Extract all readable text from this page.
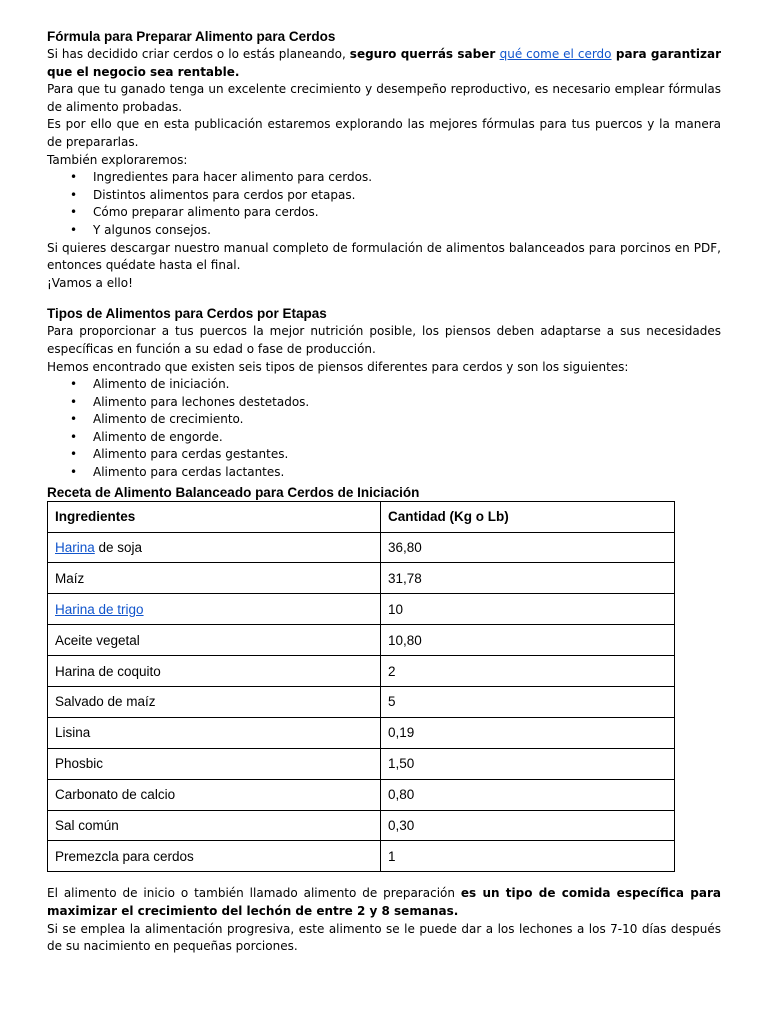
Fórmula para Preparar Alimento para Cerdos

Si has decidido criar cerdos o lo estás planeando, seguro querrás saber qué come el cerdo para garantizar que el negocio sea rentable.

Para que tu ganado tenga un excelente crecimiento y desempeño reproductivo, es necesario emplear fórmulas de alimento probadas.

Es por ello que en esta publicación estaremos explorando las mejores fórmulas para tus puercos y la manera de prepararlas.

También exploraremos:

• Ingredientes para hacer alimento para cerdos.
• Distintos alimentos para cerdos por etapas.
• Cómo preparar alimento para cerdos.
• Y algunos consejos.

Si quieres descargar nuestro manual completo de formulación de alimentos balanceados para porcinos en PDF, entonces quédate hasta el final.

¡Vamos a ello!

Tipos de Alimentos para Cerdos por Etapas

Para proporcionar a tus puercos la mejor nutrición posible, los piensos deben adaptarse a sus necesidades específicas en función a su edad o fase de producción.

Hemos encontrado que existen seis tipos de piensos diferentes para cerdos y son los siguientes:

• Alimento de iniciación.
• Alimento para lechones destetados.
• Alimento de crecimiento.
• Alimento de engorde.
• Alimento para cerdas gestantes.
• Alimento para cerdas lactantes.
Receta de Alimento Balanceado para Cerdos de Iniciación
Ingredientes	Cantidad (Kg o Lb)
Harina de soja	36,80
Maíz	31,78
Harina de trigo	10
Aceite vegetal	10,80
Harina de coquito	2
Salvado de maíz	5
Lisina	0,19
Phosbic	1,50
Carbonato de calcio	0,80
Sal común	0,30
Premezcla para cerdos	1

El alimento de inicio o también llamado alimento de preparación es un tipo de comida específica para maximizar el crecimiento del lechón de entre 2 y 8 semanas.

Si se emplea la alimentación progresiva, este alimento se le puede dar a los lechones a los 7-10 días después de su nacimiento en pequeñas porciones.
